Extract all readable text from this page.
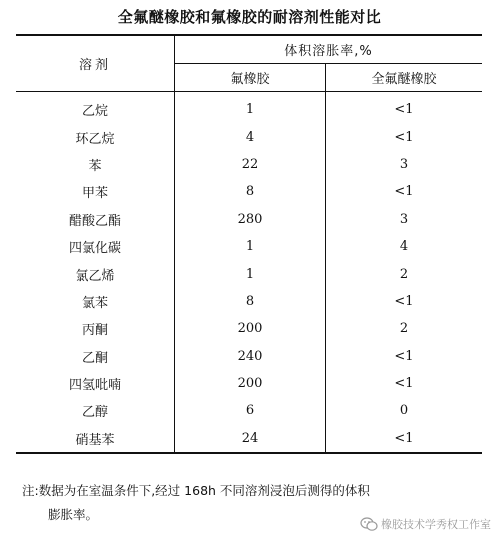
全氟醚橡胶和氟橡胶的耐溶剂性能对比
溶剂	体积溶胀率,%	
	氟橡胶	全氟醚橡胶
乙烷	1	<1
环乙烷	4	<1
苯	22	3
甲苯	8	<1
醋酸乙酯	280	3
四氯化碳	1	4
氯乙烯	1	2
氯苯	8	<1
丙酮	200	2
乙酮	240	<1
四氢吡喃	200	<1
乙醇	6	0
硝基苯	24	<1
注:数据为在室温条件下,经过 168h 不同溶剂浸泡后测得的体积
膨胀率。
橡胶技术学秀权工作室
